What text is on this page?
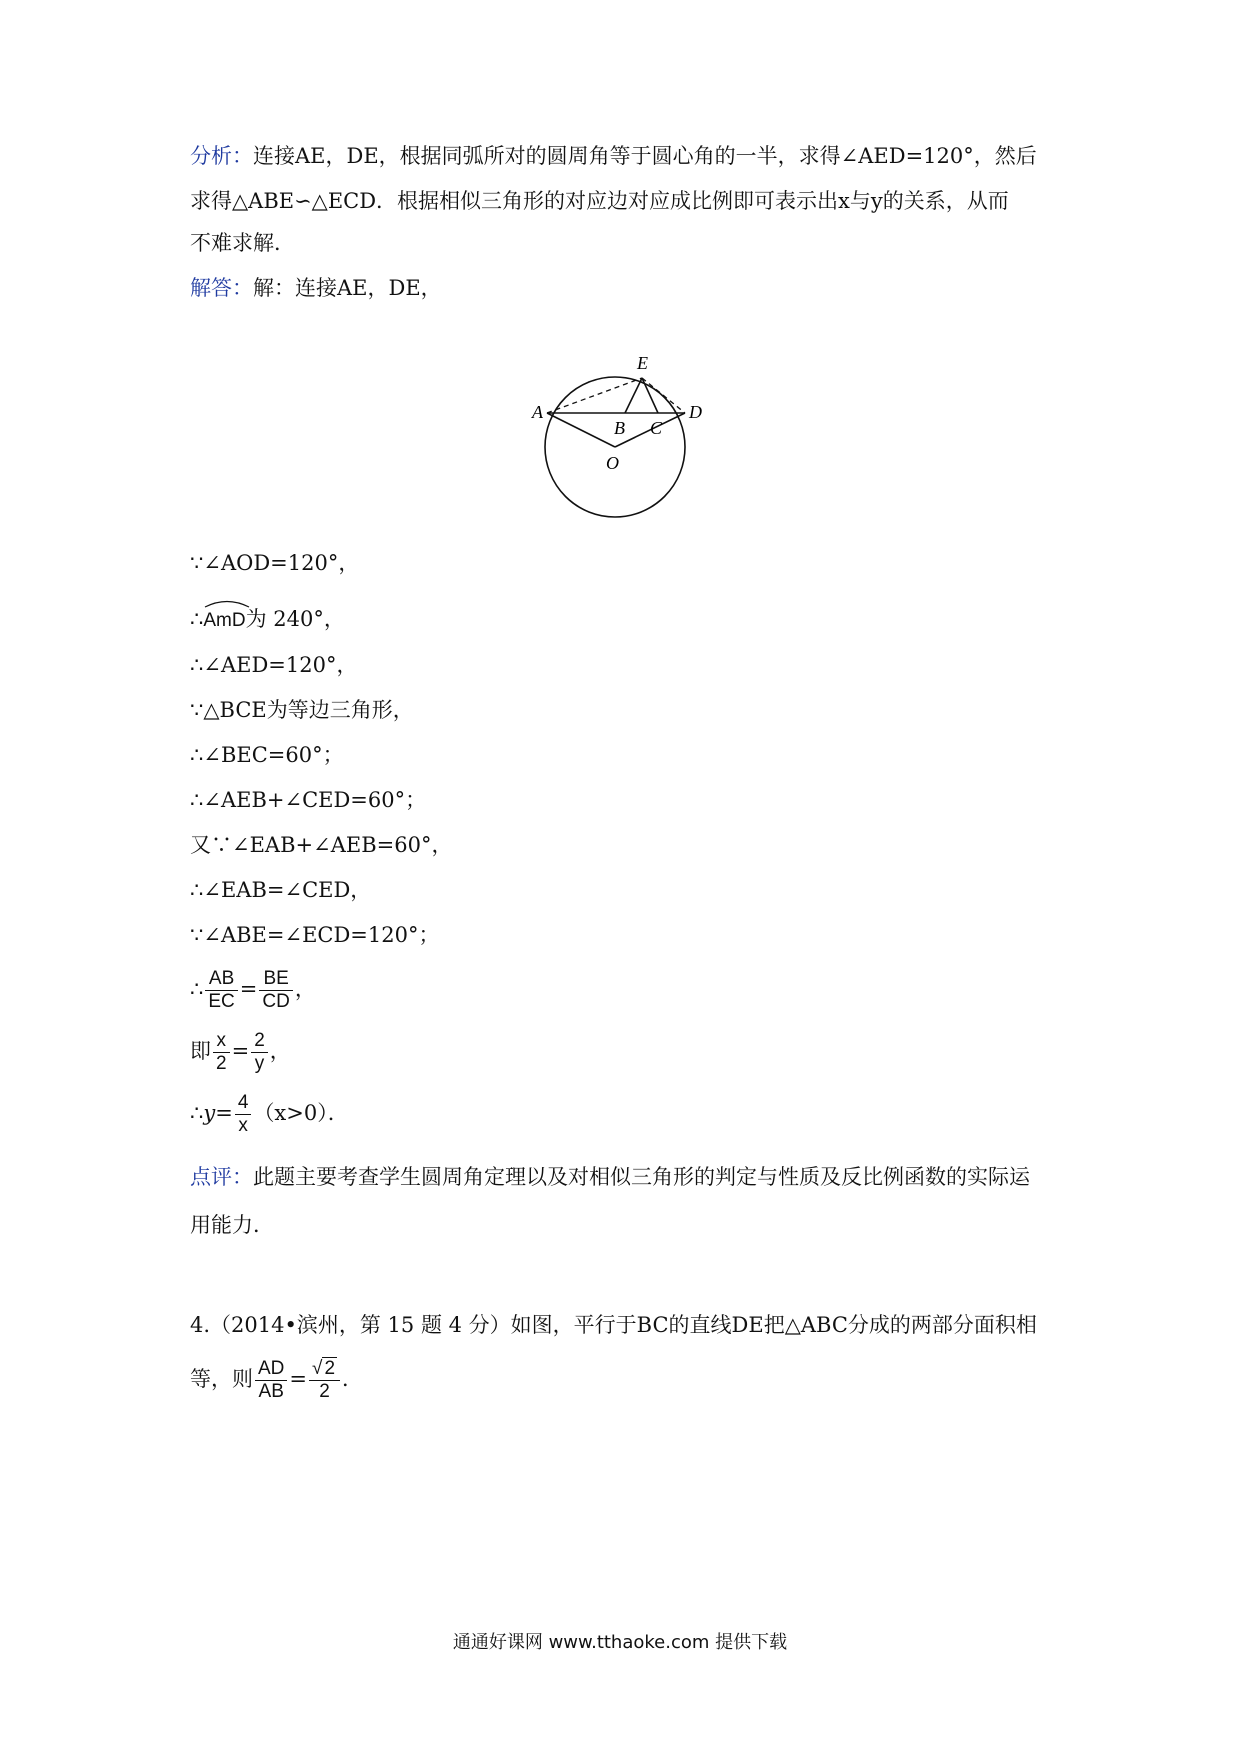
分析：连接AE，DE，根据同弧所对的圆周角等于圆心角的一半，求得∠AED=120°，然后
求得△ABE∽△ECD．根据相似三角形的对应边对应成比例即可表示出x与y的关系，从而
不难求解．
解答：解：连接AE，DE，
E
A	D
B C
O
∵∠AOD=120°，
∴
AmD为 240°，
∴∠AED=120°，
∵△BCE为等边三角形，
∴∠BEC=60°；
∴∠AEB+∠CED=60°；
又∵∠EAB+∠AEB=60°，
∴∠EAB=∠CED，
∵∠ABE=∠ECD=120°；
∴ $\frac{AB}{EC} = \frac{BE}{CD}$ ，
即 $\frac{x}{2} = \frac{2}{y}$ ，
∴y= $\frac{4}{x} (x>0)$．
点评：此题主要考查学生圆周角定理以及对相似三角形的判定与性质及反比例函数的实际运
用能力．
4.（2014•滨州，第 15 题 4 分）如图，平行于BC的直线DE把△ABC分成的两部分面积相
等，则 $\frac{AD}{AB} = \frac{√ 2}{2}$ ．
通通好课网 www.tthaoke.com 提供下载
